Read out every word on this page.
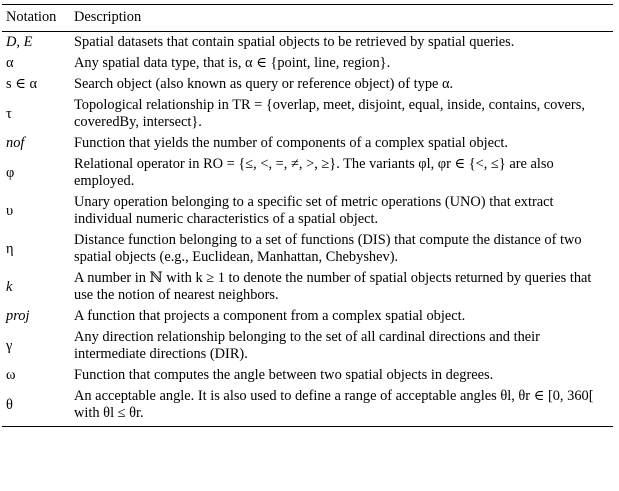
Notation	Description
D, E	Spatial datasets that contain spatial objects to be retrieved by spatial queries.
α	Any spatial data type, that is, α ∈ {point, line, region}.
s ∈ α	Search object (also known as query or reference object) of type α.
τ	Topological relationship in TR = {overlap, meet, disjoint, equal, inside, contains, covers, coveredBy, intersect}.
nof	Function that yields the number of components of a complex spatial object.
φ	Relational operator in RO = {≤, <, =, ≠, >, ≥}. The variants φl, φr ∈ {<, ≤} are also employed.
υ	Unary operation belonging to a specific set of metric operations (UNO) that extract individual numeric characteristics of a spatial object.
η	Distance function belonging to a set of functions (DIS) that compute the distance of two spatial objects (e.g., Euclidean, Manhattan, Chebyshev).
k	A number in ℕ with k ≥ 1 to denote the number of spatial objects returned by queries that use the notion of nearest neighbors.
proj	A function that projects a component from a complex spatial object.
γ	Any direction relationship belonging to the set of all cardinal directions and their intermediate directions (DIR).
ω	Function that computes the angle between two spatial objects in degrees.
θ	An acceptable angle. It is also used to define a range of acceptable angles θl, θr ∈ [0, 360[ with θl ≤ θr.
